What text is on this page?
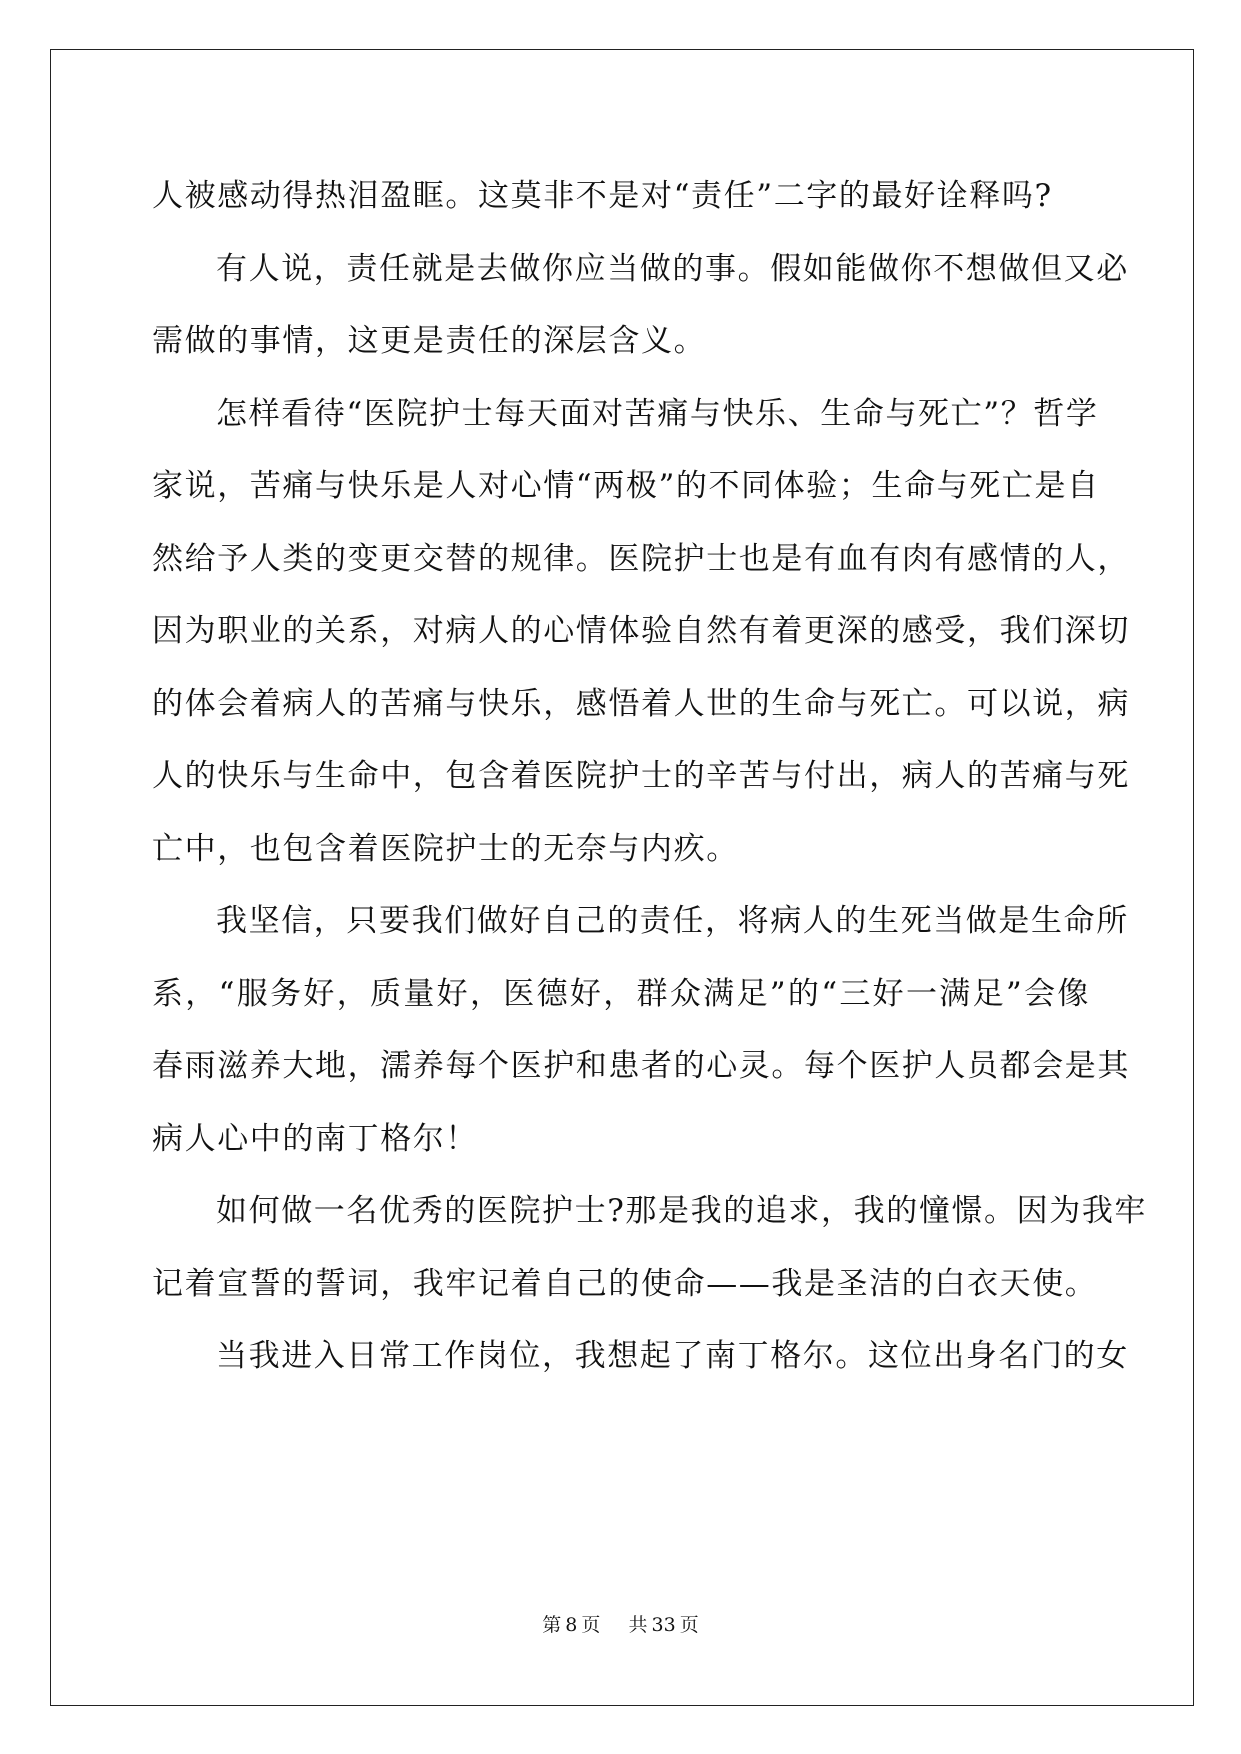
人被感动得热泪盈眶。这莫非不是对“责任”二字的最好诠释吗?
有人说，责任就是去做你应当做的事。假如能做你不想做但又必
需做的事情，这更是责任的深层含义。
怎样看待“医院护士每天面对苦痛与快乐、生命与死亡”？哲学
家说，苦痛与快乐是人对心情“两极”的不同体验；生命与死亡是自
然给予人类的变更交替的规律。医院护士也是有血有肉有感情的人，
因为职业的关系，对病人的心情体验自然有着更深的感受，我们深切
的体会着病人的苦痛与快乐，感悟着人世的生命与死亡。可以说，病
人的快乐与生命中，包含着医院护士的辛苦与付出，病人的苦痛与死
亡中，也包含着医院护士的无奈与内疚。
我坚信，只要我们做好自己的责任，将病人的生死当做是生命所
系，“服务好，质量好，医德好，群众满足”的“三好一满足”会像
春雨滋养大地，濡养每个医护和患者的心灵。每个医护人员都会是其
病人心中的南丁格尔！
如何做一名优秀的医院护士?那是我的追求，我的憧憬。因为我牢
记着宣誓的誓词，我牢记着自己的使命——我是圣洁的白衣天使。
当我进入日常工作岗位，我想起了南丁格尔。这位出身名门的女
第 8 页 共 33 页
